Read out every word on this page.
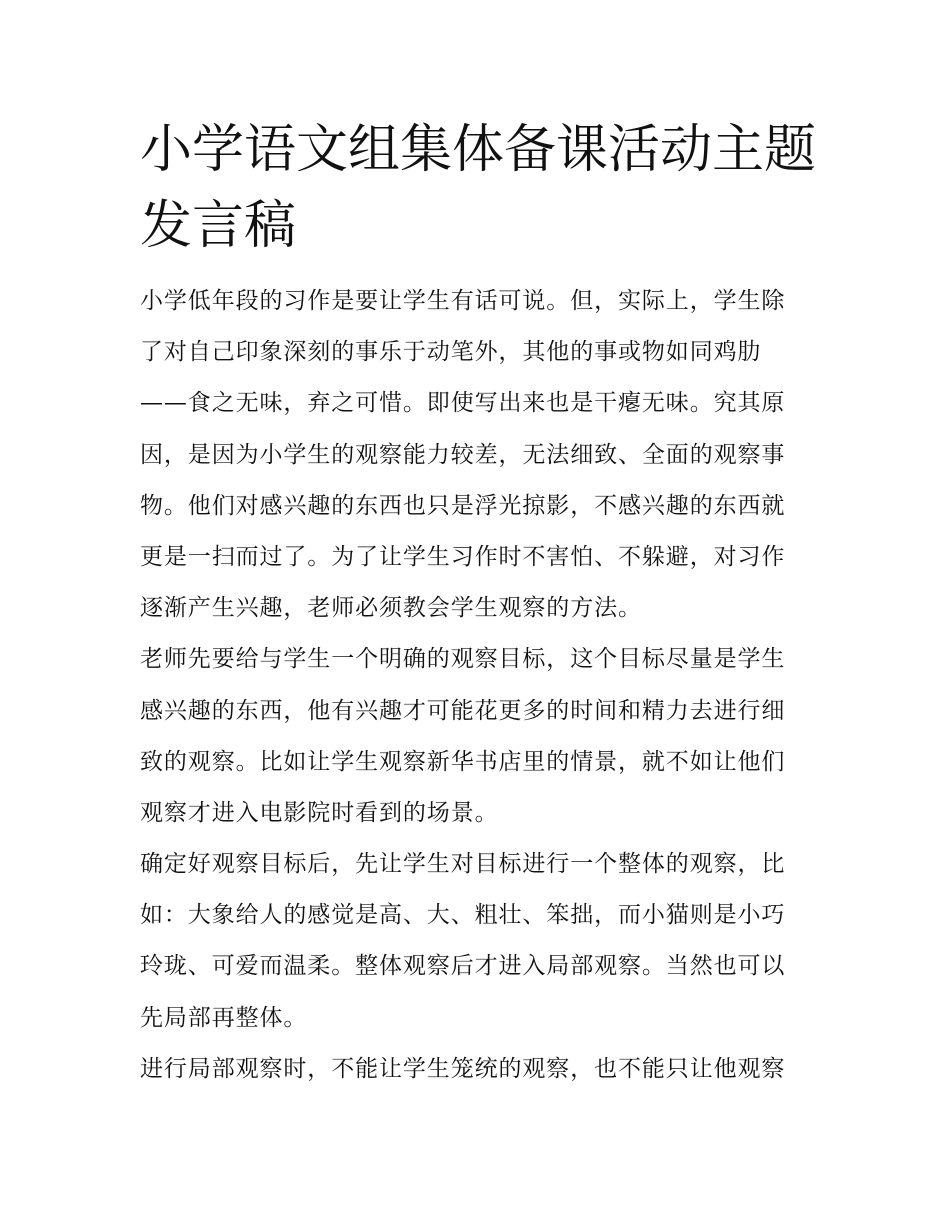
小学语文组集体备课活动主题
发言稿

小学低年段的习作是要让学生有话可说。但，实际上，学生除
了对自己印象深刻的事乐于动笔外，其他的事或物如同鸡肋
——食之无味，弃之可惜。即使写出来也是干瘪无味。究其原
因，是因为小学生的观察能力较差，无法细致、全面的观察事
物。他们对感兴趣的东西也只是浮光掠影，不感兴趣的东西就
更是一扫而过了。为了让学生习作时不害怕、不躲避，对习作
逐渐产生兴趣，老师必须教会学生观察的方法。

老师先要给与学生一个明确的观察目标，这个目标尽量是学生
感兴趣的东西，他有兴趣才可能花更多的时间和精力去进行细
致的观察。比如让学生观察新华书店里的情景，就不如让他们
观察才进入电影院时看到的场景。

确定好观察目标后，先让学生对目标进行一个整体的观察，比
如：大象给人的感觉是高、大、粗壮、笨拙，而小猫则是小巧
玲珑、可爱而温柔。整体观察后才进入局部观察。当然也可以
先局部再整体。

进行局部观察时，不能让学生笼统的观察，也不能只让他观察
